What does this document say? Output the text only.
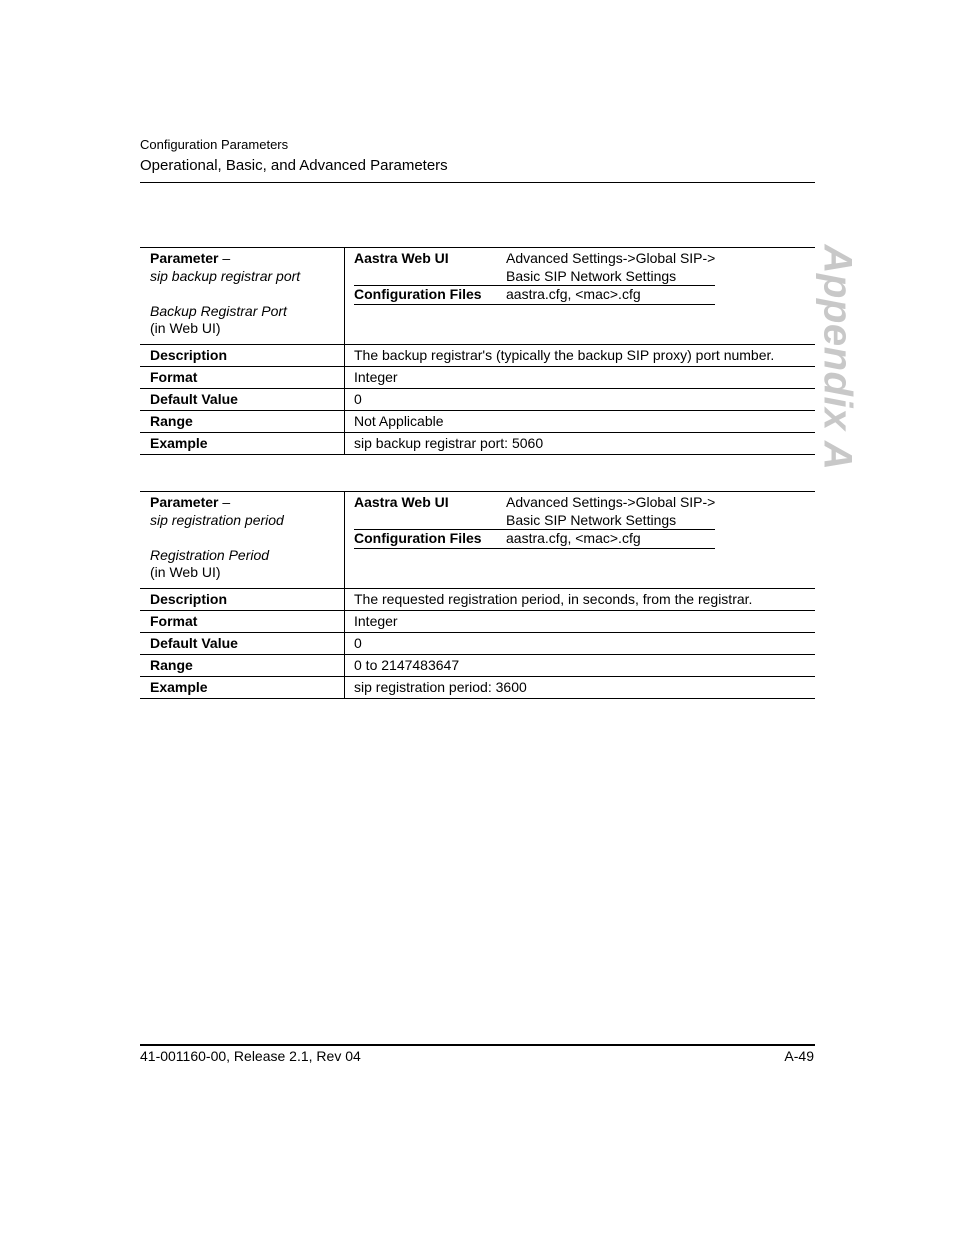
Configuration Parameters
Operational, Basic, and Advanced Parameters
Appendix A
Parameter –
sip backup registrar port

Backup Registrar Port
(in Web UI)	
Aastra Web UI	Advanced Settings->Global SIP->
Basic SIP Network Settings
Configuration Files	aastra.cfg, <mac>.cfg

Description	The backup registrar's (typically the backup SIP proxy) port number.
Format	Integer
Default Value	0
Range	Not Applicable
Example	sip backup registrar port: 5060
Parameter –
sip registration period

Registration Period
(in Web UI)	
Aastra Web UI	Advanced Settings->Global SIP->
Basic SIP Network Settings
Configuration Files	aastra.cfg, <mac>.cfg

Description	The requested registration period, in seconds, from the registrar.
Format	Integer
Default Value	0
Range	0 to 2147483647
Example	sip registration period: 3600
41-001160-00, Release 2.1, Rev 04	A-49
